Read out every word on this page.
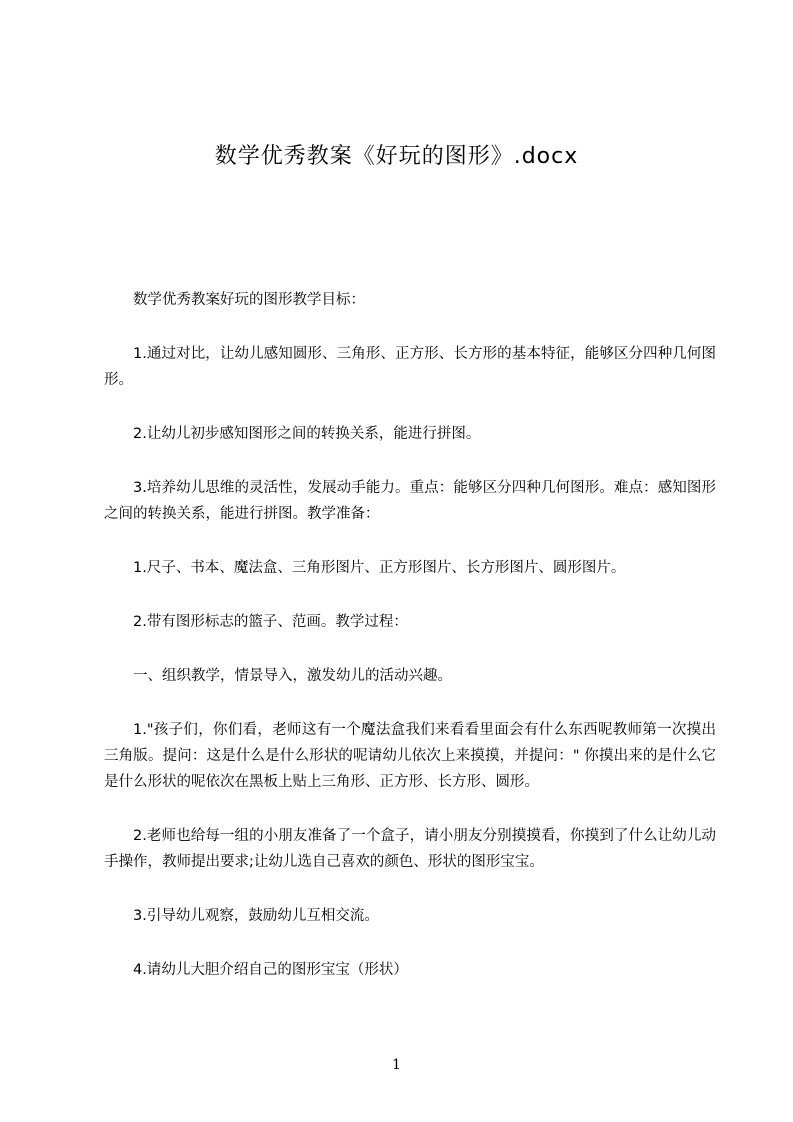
数学优秀教案《好玩的图形》.docx

数学优秀教案好玩的图形教学目标：

1.通过对比，让幼儿感知圆形、三角形、正方形、长方形的基本特征，能够区分四种几何图形。

2.让幼儿初步感知图形之间的转换关系，能进行拼图。

3.培养幼儿思维的灵活性，发展动手能力。重点：能够区分四种几何图形。难点：感知图形之间的转换关系，能进行拼图。教学准备：

1.尺子、书本、魔法盒、三角形图片、正方形图片、长方形图片、圆形图片。

2.带有图形标志的篮子、范画。教学过程：

一、组织教学，情景导入，激发幼儿的活动兴趣。

1."孩子们，你们看，老师这有一个魔法盒我们来看看里面会有什么东西呢教师第一次摸出三角版。提问：这是什么是什么形状的呢请幼儿依次上来摸摸，并提问：" 你摸出来的是什么它是什么形状的呢依次在黑板上贴上三角形、正方形、长方形、圆形。

2.老师也给每一组的小朋友准备了一个盒子，请小朋友分别摸摸看，你摸到了什么让幼儿动手操作，教师提出要求;让幼儿选自己喜欢的颜色、形状的图形宝宝。

3.引导幼儿观察，鼓励幼儿互相交流。

4.请幼儿大胆介绍自己的图形宝宝（形状）

1
